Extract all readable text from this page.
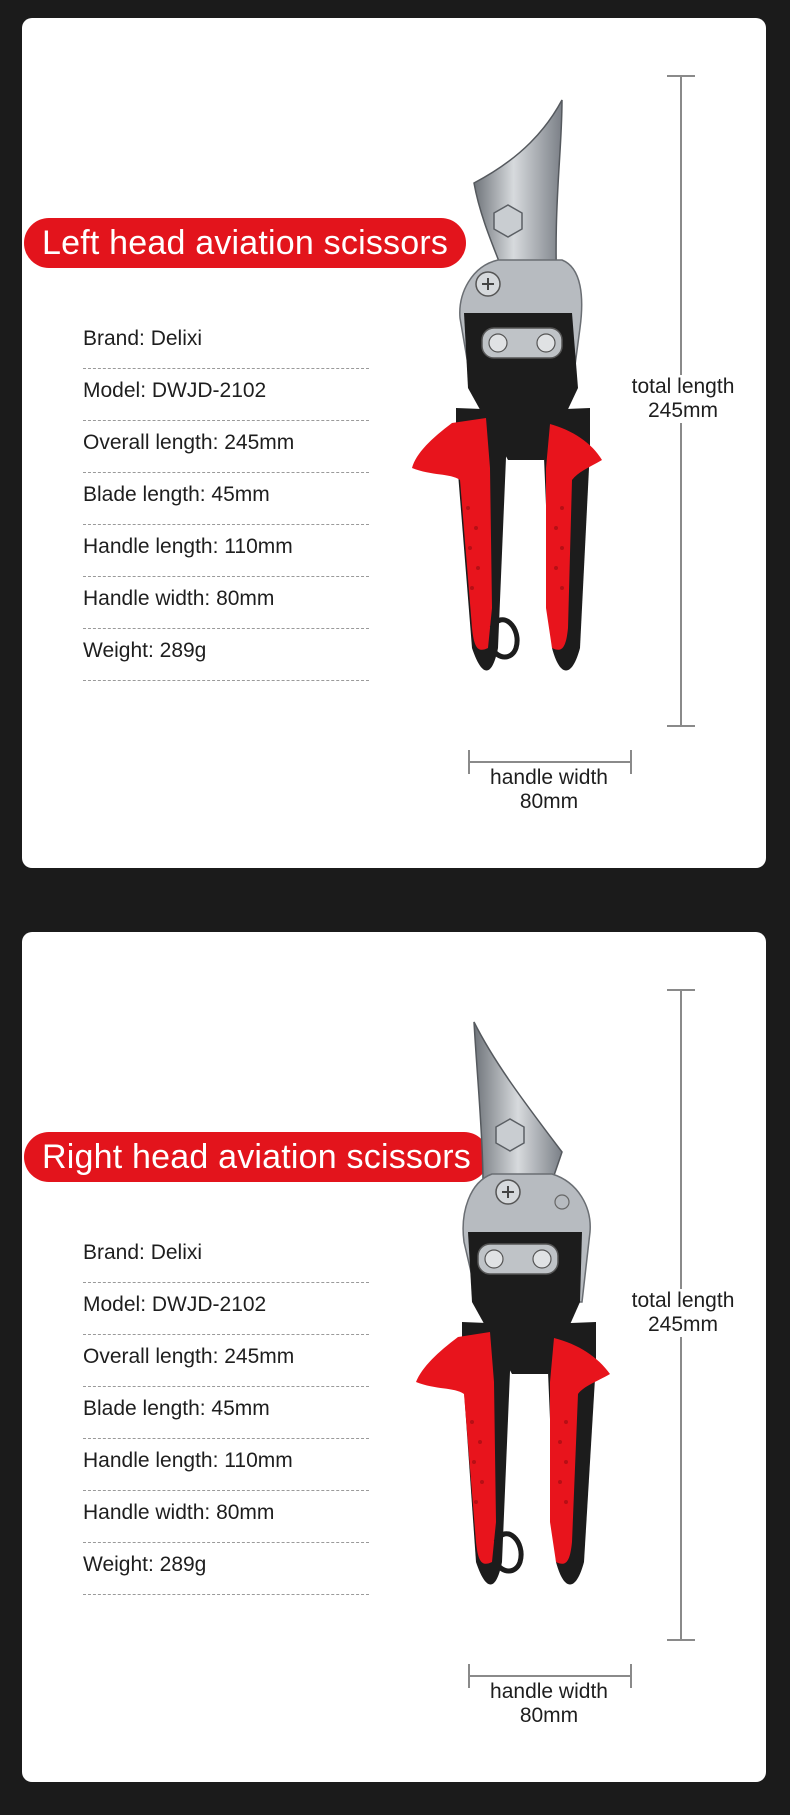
Left head aviation scissors
Brand: Delixi
Model: DWJD-2102
Overall length: 245mm
Blade length: 45mm
Handle length: 110mm
Handle width: 80mm
Weight: 289g
total length
245mm
handle width
80mm
Right head aviation scissors
Brand: Delixi
Model: DWJD-2102
Overall length: 245mm
Blade length: 45mm
Handle length: 110mm
Handle width: 80mm
Weight: 289g
total length
245mm
handle width
80mm
